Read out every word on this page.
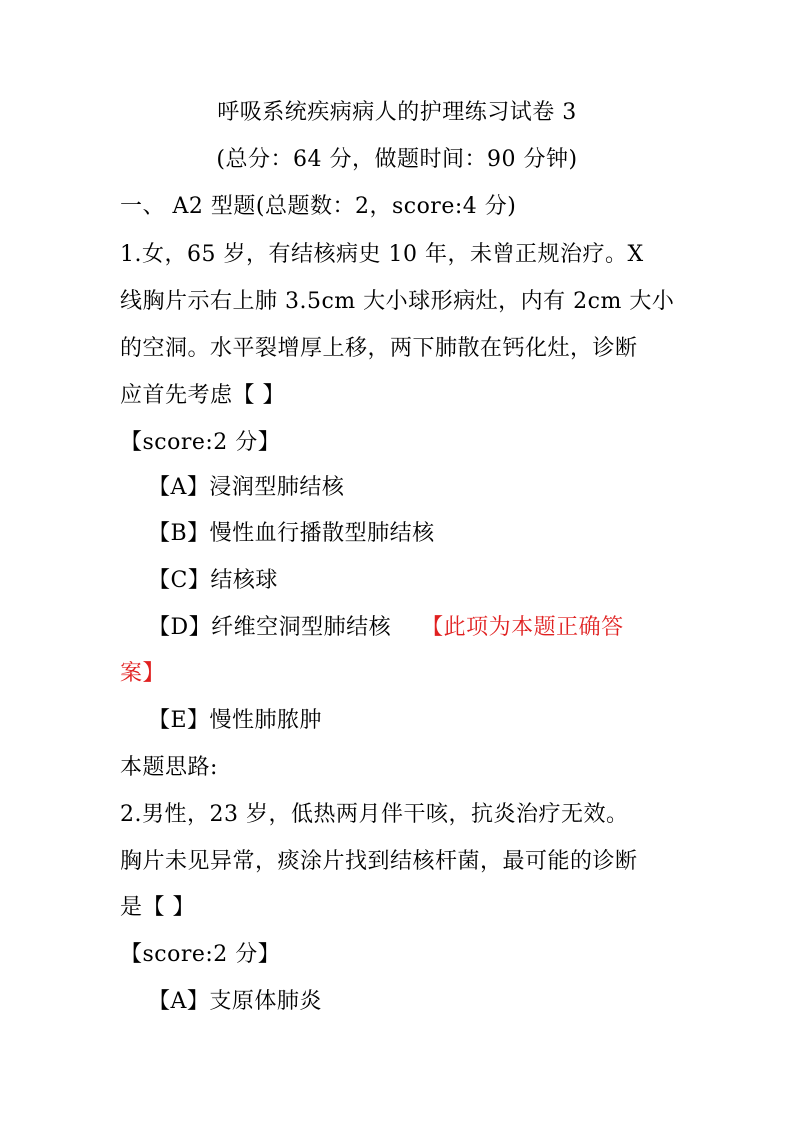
呼吸系统疾病病人的护理练习试卷 3
(总分：64 分，做题时间：90 分钟)
一、 A2 型题(总题数：2，score:4 分)
1.女，65 岁，有结核病史 10 年，未曾正规治疗。X
线胸片示右上肺 3.5cm 大小球形病灶，内有 2cm 大小
的空洞。水平裂增厚上移，两下肺散在钙化灶，诊断
应首先考虑【 】
【score:2 分】
【A】浸润型肺结核
【B】慢性血行播散型肺结核
【C】结核球
【D】纤维空洞型肺结核 【此项为本题正确答
案】
【E】慢性肺脓肿
本题思路:
2.男性，23 岁，低热两月伴干咳，抗炎治疗无效。
胸片未见异常，痰涂片找到结核杆菌，最可能的诊断
是【 】
【score:2 分】
【A】支原体肺炎
